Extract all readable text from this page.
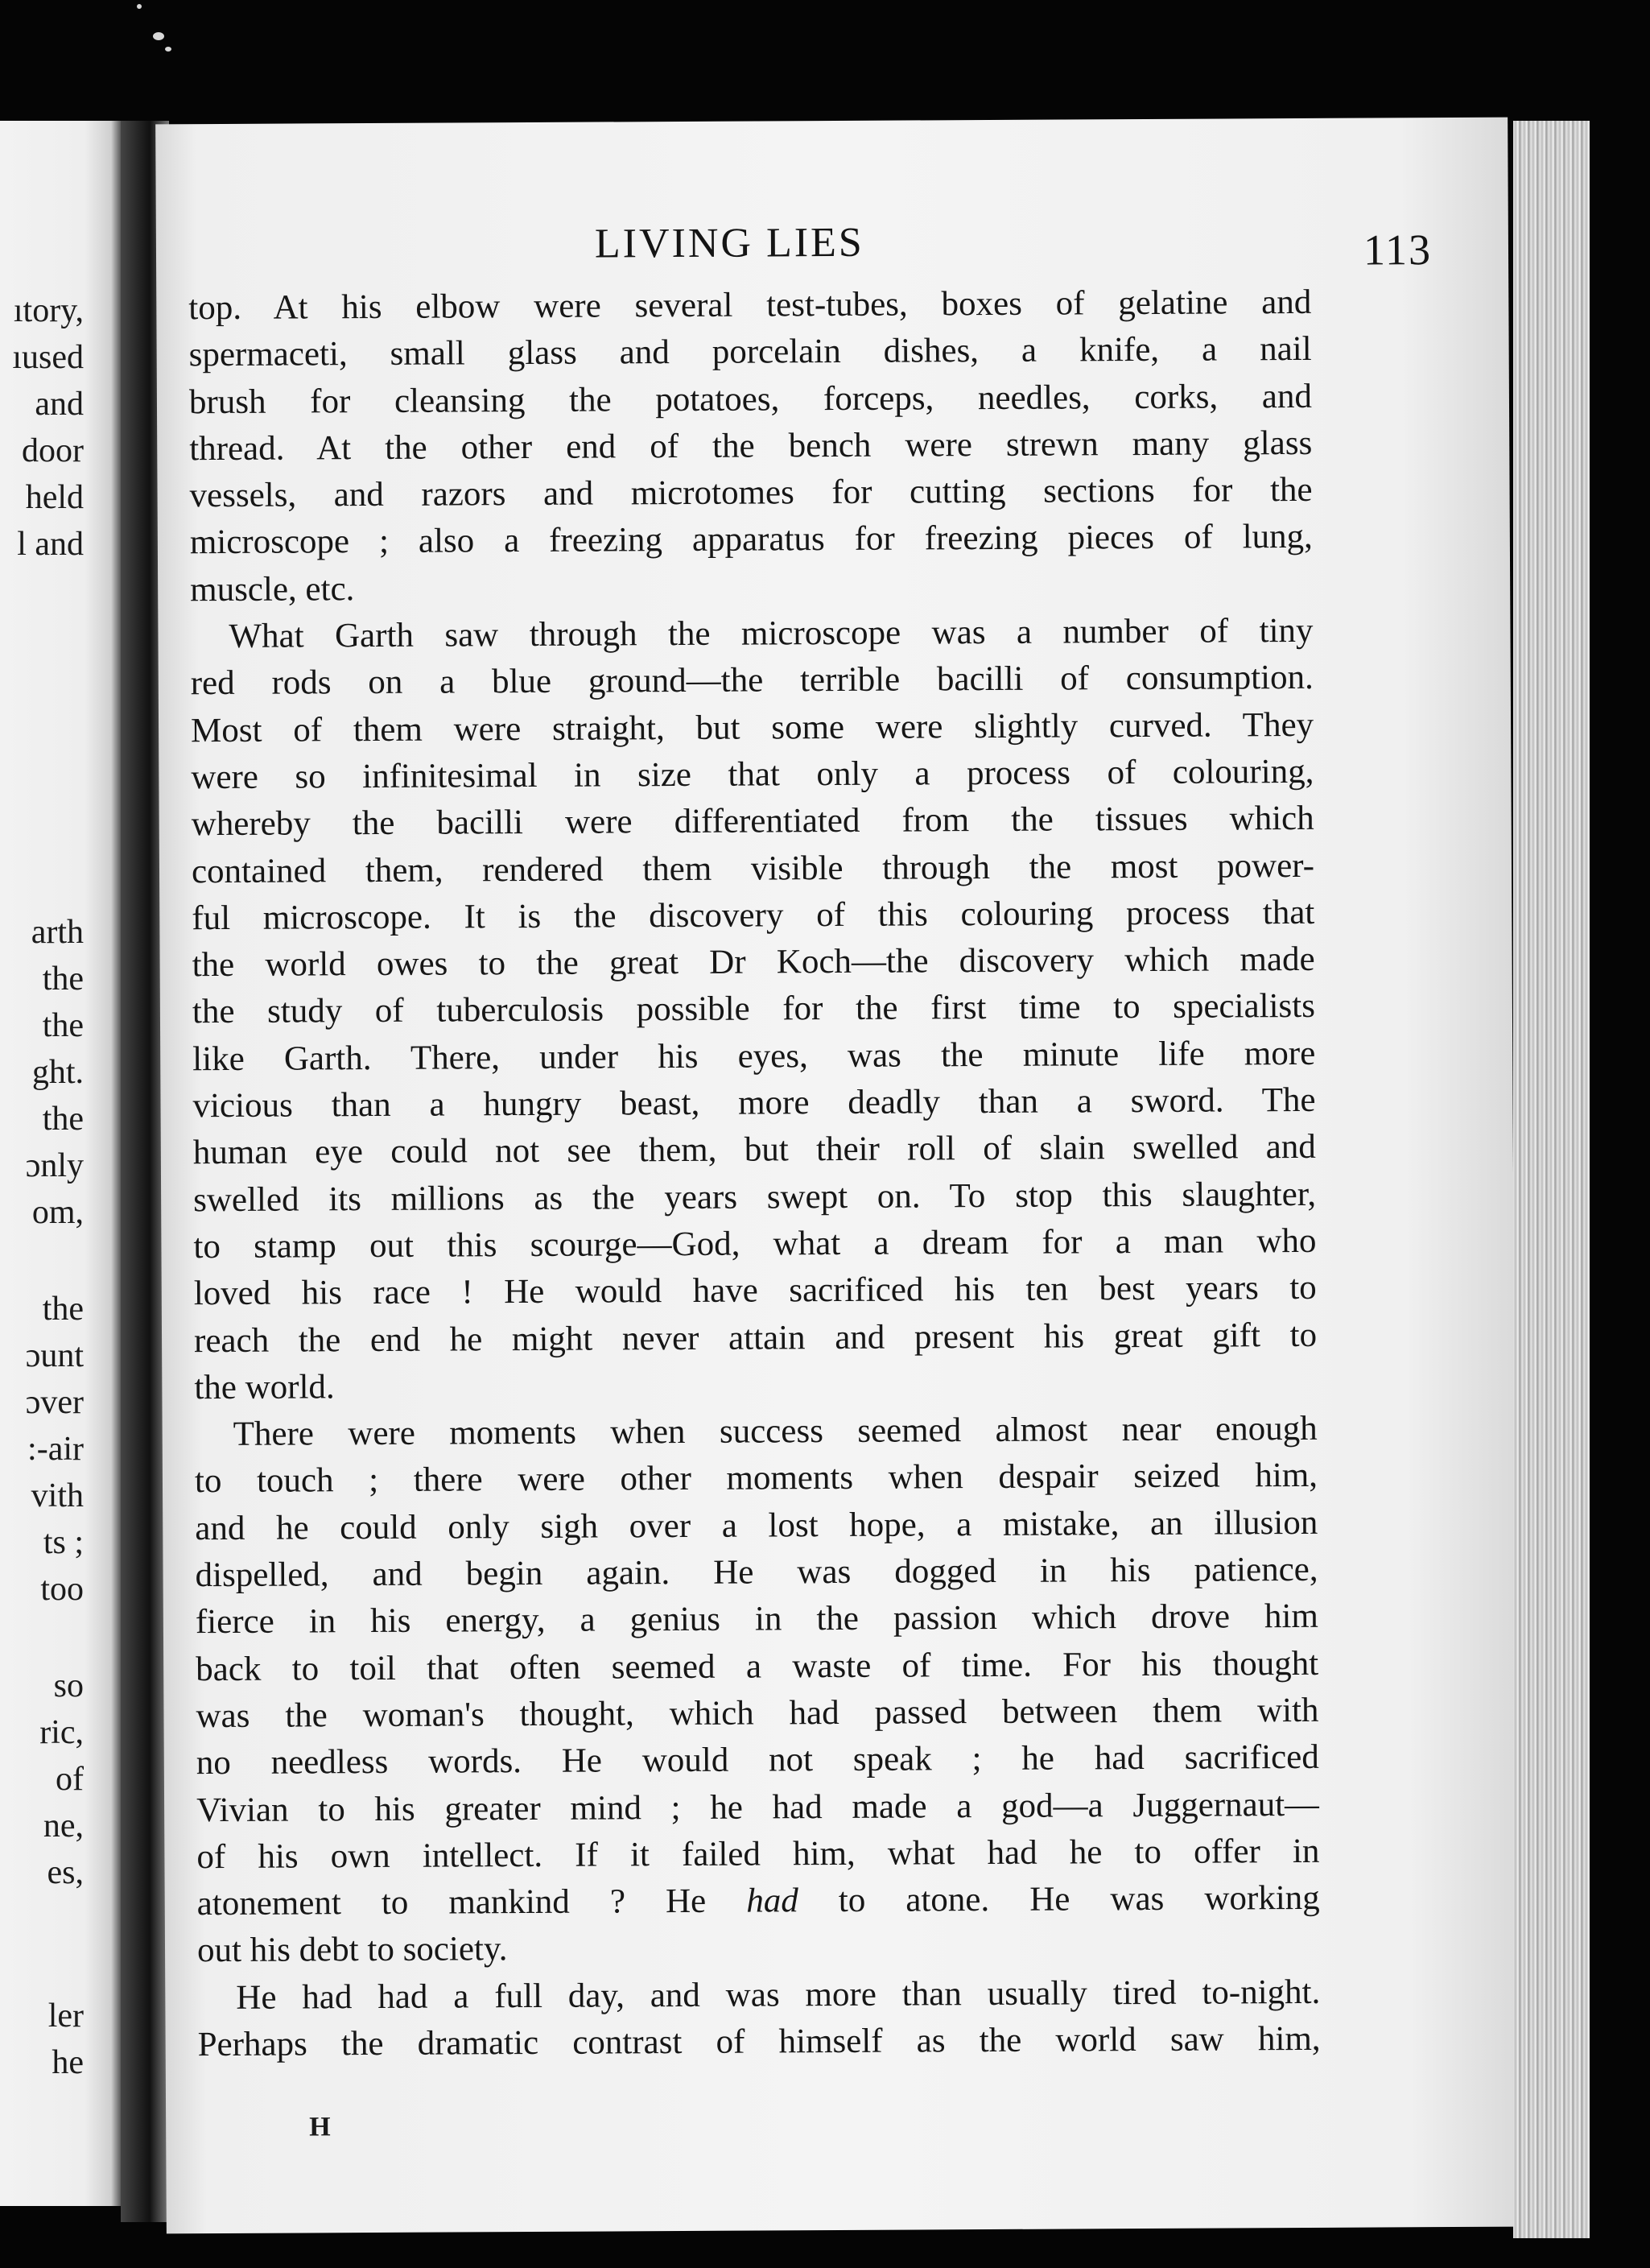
ıtory,
ıused
and
door
held
l and
arth
the
the
ght.
the
ɔnly
om,
the
ɔunt
ɔver
:-air
vith
ts ;
too
so
ric,
of
ne,
es,
ler
he
LIVING LIES	113
top. At his elbow were several test-tubes, boxes of gelatine and
spermaceti, small glass and porcelain dishes, a knife, a nail
brush for cleansing the potatoes, forceps, needles, corks, and
thread. At the other end of the bench were strewn many glass
vessels, and razors and microtomes for cutting sections for the
microscope ; also a freezing apparatus for freezing pieces of lung,
muscle, etc.
What Garth saw through the microscope was a number of tiny
red rods on a blue ground—the terrible bacilli of consumption.
Most of them were straight, but some were slightly curved. They
were so infinitesimal in size that only a process of colouring,
whereby the bacilli were differentiated from the tissues which
contained them, rendered them visible through the most power-
ful microscope. It is the discovery of this colouring process that
the world owes to the great Dr Koch—the discovery which made
the study of tuberculosis possible for the first time to specialists
like Garth. There, under his eyes, was the minute life more
vicious than a hungry beast, more deadly than a sword. The
human eye could not see them, but their roll of slain swelled and
swelled its millions as the years swept on. To stop this slaughter,
to stamp out this scourge—God, what a dream for a man who
loved his race ! He would have sacrificed his ten best years to
reach the end he might never attain and present his great gift to
the world.
There were moments when success seemed almost near enough
to touch ; there were other moments when despair seized him,
and he could only sigh over a lost hope, a mistake, an illusion
dispelled, and begin again. He was dogged in his patience,
fierce in his energy, a genius in the passion which drove him
back to toil that often seemed a waste of time. For his thought
was the woman's thought, which had passed between them with
no needless words. He would not speak ; he had sacrificed
Vivian to his greater mind ; he had made a god—a Juggernaut—
of his own intellect. If it failed him, what had he to offer in
atonement to mankind ? He had to atone. He was working
out his debt to society.
He had had a full day, and was more than usually tired to-night.
Perhaps the dramatic contrast of himself as the world saw him,
H
